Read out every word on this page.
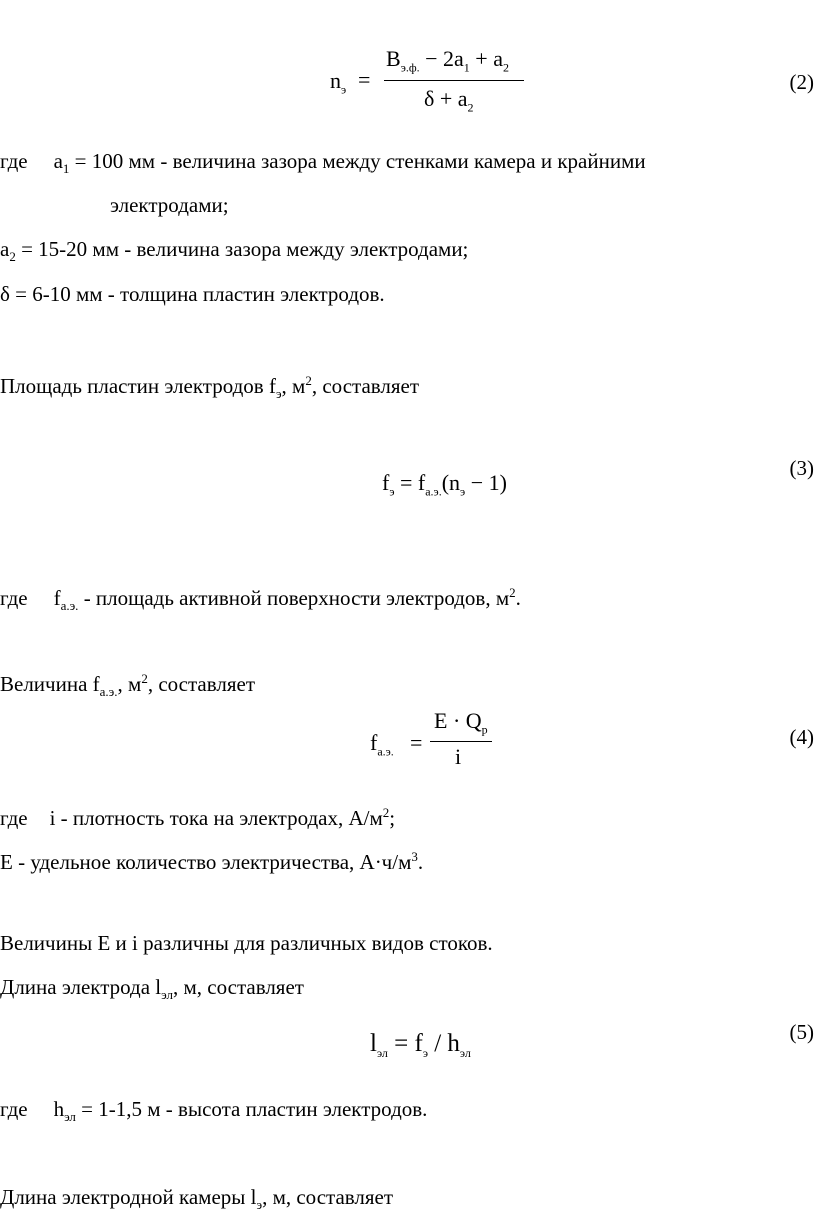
$n_э$ =
$B_{э.ф.} - 2a_1 + a_2$
$\delta + a_2$
(2)
где $a_1 = 100$ мм - величина зазора между стенками камера и крайними
электродами;
$a_2 = 15-20$ мм - величина зазора между электродами;
δ = 6-10 мм - толщина пластин электродов.
Площадь пластин электродов $f_э$, $м^2$, составляет
$f_э = f_{а.э.}(n_э - 1)$
(3)
где $f_{а.э.}$ - площадь активной поверхности электродов, $м^2$.
Величина $f_{а.э.}$, $м^2$, составляет
$f_{а.э.}$ =
$E \cdot Q_р$
i
(4)
где i - плотность тока на электродах, $А/м^2$;
Е - удельное количество электричества, $А\cdot ч/м^3$.
Величины Е и i различны для различных видов стоков.
Длина электрода $l_{эл}$, м, составляет
$l_{эл} = f_э / h_{эл}$
(5)
где $h_{эл} = 1-1,5$ м - высота пластин электродов.
Длина электродной камеры $l_э$, м, составляет
